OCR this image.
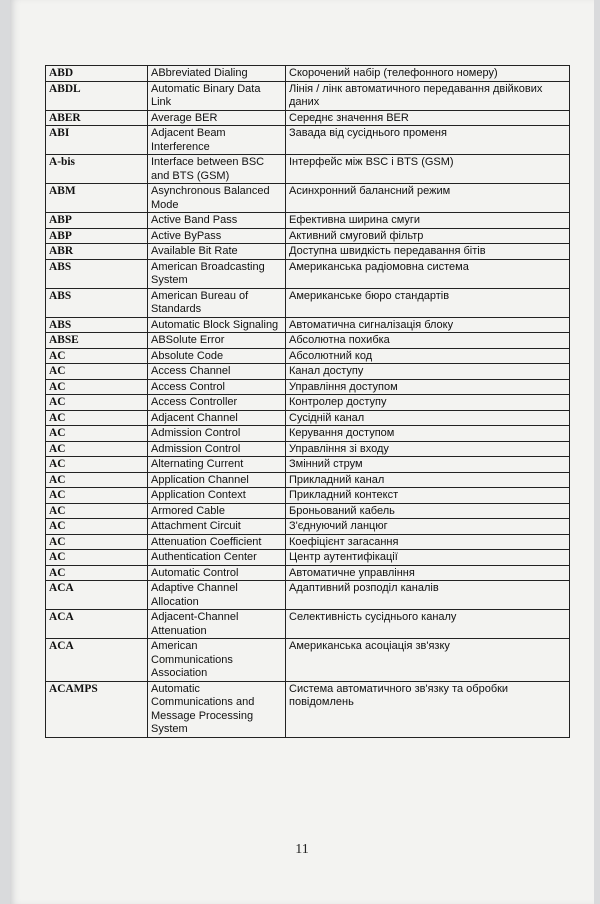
ABD	ABbreviated Dialing	Скорочений набір (телефонного номеру)
ABDL	Automatic Binary Data Link	Лінія / лінк автоматичного передавання двійкових даних
ABER	Average BER	Середнє значення BER
ABI	Adjacent Beam Interference	Завада від сусіднього променя
A-bis	Interface between BSC and BTS (GSM)	Інтерфейс між BSC і BTS (GSM)
ABM	Asynchronous Balanced Mode	Асинхронний балансний режим
ABP	Active Band Pass	Ефективна ширина смуги
ABP	Active ByPass	Активний смуговий фільтр
ABR	Available Bit Rate	Доступна швидкість передавання бітів
ABS	American Broadcasting System	Американська радіомовна система
ABS	American Bureau of Standards	Американське бюро стандартів
ABS	Automatic Block Signaling	Автоматична сигналізація блоку
ABSE	ABSolute Error	Абсолютна похибка
AC	Absolute Code	Абсолютний код
AC	Access Channel	Канал доступу
AC	Access Control	Управління доступом
AC	Access Controller	Контролер доступу
AC	Adjacent Channel	Сусідній канал
AC	Admission Control	Керування доступом
AC	Admission Control	Управління зі входу
AC	Alternating Current	Змінний струм
AC	Application Channel	Прикладний канал
AC	Application Context	Прикладний контекст
AC	Armored Cable	Броньований кабель
AC	Attachment Circuit	З'єднуючий ланцюг
AC	Attenuation Coefficient	Коефіцієнт загасання
AC	Authentication Center	Центр аутентифікації
AC	Automatic Control	Автоматичне управління
ACA	Adaptive Channel Allocation	Адаптивний розподіл каналів
ACA	Adjacent-Channel Attenuation	Селективність сусіднього каналу
ACA	American Communications Association	Американська асоціація зв'язку
ACAMPS	Automatic Communications and Message Processing System	Система автоматичного зв'язку та обробки повідомлень
11
